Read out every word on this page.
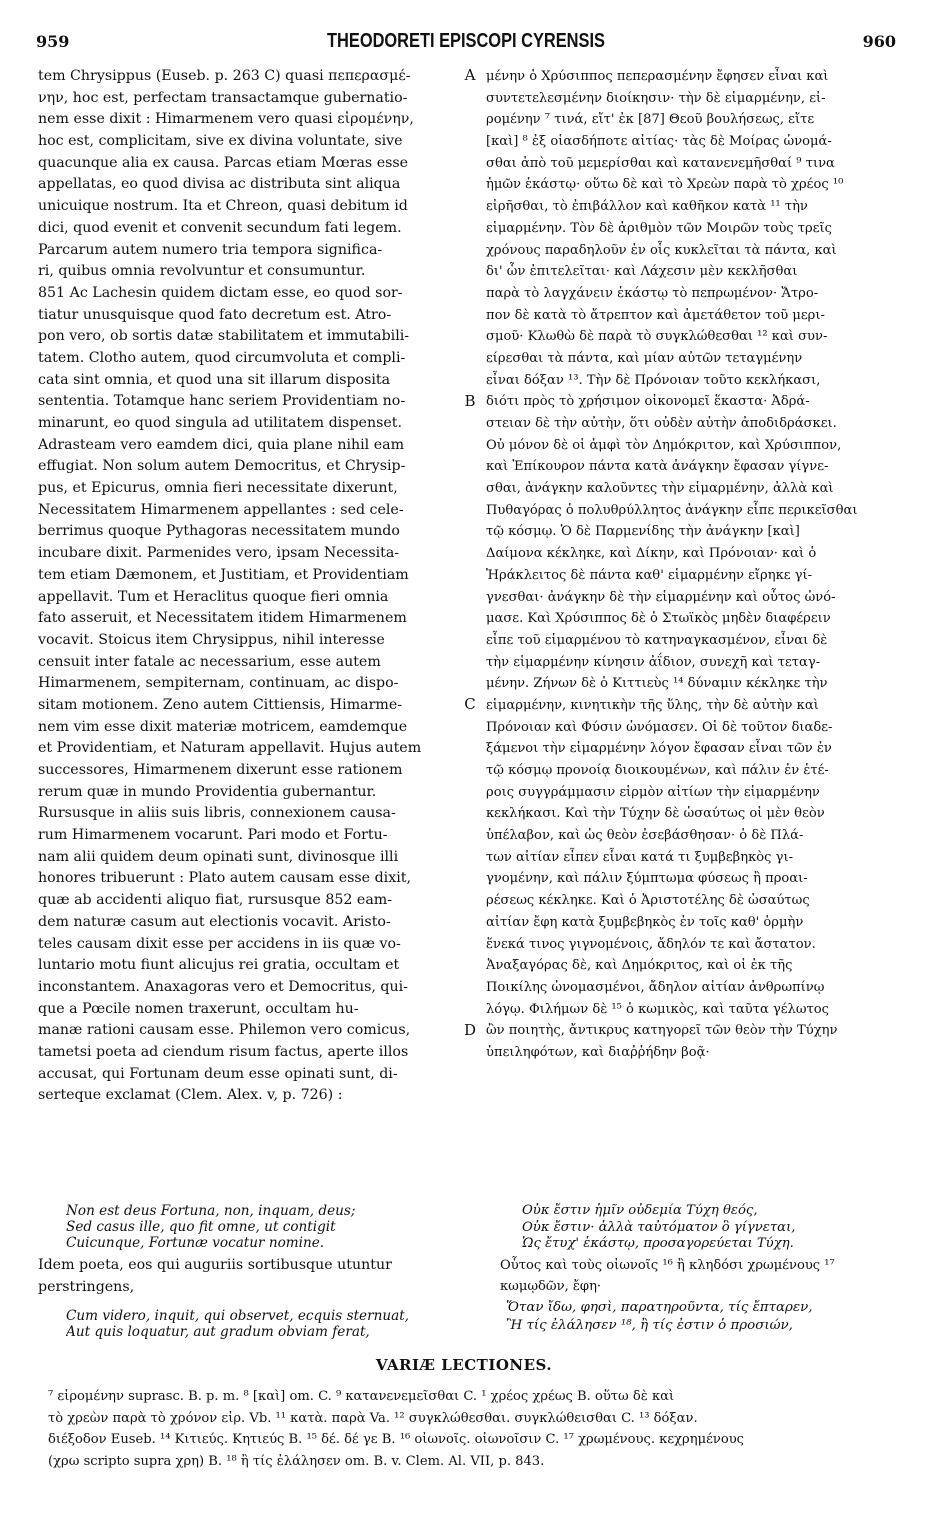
959	THEODORETI EPISCOPI CYRENSIS	960
tem Chrysippus (Euseb. p. 263 C) quasi πεπερασμέ-
νην, hoc est, perfectam transactamque gubernatio-
nem esse dixit : Himarmenem vero quasi εἰρομένην,
hoc est, complicitam, sive ex divina voluntate, sive
quacunque alia ex causa. Parcas etiam Mœras esse
appellatas, eo quod divisa ac distributa sint aliqua
unicuique nostrum. Ita et Chreon, quasi debitum id
dici, quod evenit et convenit secundum fati legem.
Parcarum autem numero tria tempora significa-
ri, quibus omnia revolvuntur et consumuntur.
851 Ac Lachesin quidem dictam esse, eo quod sor-
tiatur unusquisque quod fato decretum est. Atro-
pon vero, ob sortis datæ stabilitatem et immutabili-
tatem. Clotho autem, quod circumvoluta et compli-
cata sint omnia, et quod una sit illarum disposita
sententia. Totamque hanc seriem Providentiam no-
minarunt, eo quod singula ad utilitatem dispenset.
Adrasteam vero eamdem dici, quia plane nihil eam
effugiat. Non solum autem Democritus, et Chrysip-
pus, et Epicurus, omnia fieri necessitate dixerunt,
Necessitatem Himarmenem appellantes : sed cele-
berrimus quoque Pythagoras necessitatem mundo
incubare dixit. Parmenides vero, ipsam Necessita-
tem etiam Dæmonem, et Justitiam, et Providentiam
appellavit. Tum et Heraclitus quoque fieri omnia
fato asseruit, et Necessitatem itidem Himarmenem
vocavit. Stoicus item Chrysippus, nihil interesse
censuit inter fatale ac necessarium, esse autem
Himarmenem, sempiternam, continuam, ac dispo-
sitam motionem. Zeno autem Cittiensis, Himarme-
nem vim esse dixit materiæ motricem, eamdemque
et Providentiam, et Naturam appellavit. Hujus autem
successores, Himarmenem dixerunt esse rationem
rerum quæ in mundo Providentia gubernantur.
Rursusque in aliis suis libris, connexionem causa-
rum Himarmenem vocarunt. Pari modo et Fortu-
nam alii quidem deum opinati sunt, divinosque illi
honores tribuerunt : Plato autem causam esse dixit,
quæ ab accidenti aliquo fiat, rursusque 852 eam-
dem naturæ casum aut electionis vocavit. Aristo-
teles causam dixit esse per accidens in iis quæ vo-
luntario motu fiunt alicujus rei gratia, occultam et
inconstantem. Anaxagoras vero et Democritus, qui-
que a Pœcile nomen traxerunt, occultam hu-
manæ rationi causam esse. Philemon vero comicus,
tametsi poeta ad ciendum risum factus, aperte illos
accusat, qui Fortunam deum esse opinati sunt, di-
serteque exclamat (Clem. Alex. v, p. 726) :
A
B
C
D
μένην ὁ Χρύσιππος πεπερασμένην ἔφησεν εἶναι καὶ
συντετελεσμένην διοίκησιν· τὴν δὲ εἱμαρμένην, εἰ-
ρομένην ⁷ τινά, εἴτ' ἐκ [87] Θεοῦ βουλήσεως, εἴτε
[καὶ] ⁸ ἐξ οἱασδήποτε αἰτίας· τὰς δὲ Μοίρας ὠνομά-
σθαι ἀπὸ τοῦ μεμερίσθαι καὶ κατανενεμῆσθαί ⁹ τινα
ἡμῶν ἑκάστῳ· οὕτω δὲ καὶ τὸ Χρεὼν παρὰ τὸ χρέος ¹⁰
εἰρῆσθαι, τὸ ἐπιβάλλον καὶ καθῆκον κατὰ ¹¹ τὴν
εἱμαρμένην. Τὸν δὲ ἀριθμὸν τῶν Μοιρῶν τοὺς τρεῖς
χρόνους παραδηλοῦν ἐν οἷς κυκλεῖται τὰ πάντα, καὶ
δι' ὧν ἐπιτελεῖται· καὶ Λάχεσιν μὲν κεκλῆσθαι
παρὰ τὸ λαγχάνειν ἑκάστῳ τὸ πεπρωμένον· Ἄτρο-
πον δὲ κατὰ τὸ ἄτρεπτον καὶ ἀμετάθετον τοῦ μερι-
σμοῦ· Κλωθὼ δὲ παρὰ τὸ συγκλώθεσθαι ¹² καὶ συν-
είρεσθαι τὰ πάντα, καὶ μίαν αὐτῶν τεταγμένην
εἶναι δόξαν ¹³. Τὴν δὲ Πρόνοιαν τοῦτο κεκλήκασι,
διότι πρὸς τὸ χρήσιμον οἰκονομεῖ ἕκαστα· Ἀδρά-
στειαν δὲ τὴν αὐτὴν, ὅτι οὐδὲν αὐτὴν ἀποδιδράσκει.
Οὐ μόνον δὲ οἱ ἀμφὶ τὸν Δημόκριτον, καὶ Χρύσιππον,
καὶ Ἐπίκουρον πάντα κατὰ ἀνάγκην ἔφασαν γίγνε-
σθαι, ἀνάγκην καλοῦντες τὴν εἱμαρμένην, ἀλλὰ καὶ
Πυθαγόρας ὁ πολυθρύλλητος ἀνάγκην εἶπε περικεῖσθαι
τῷ κόσμῳ. Ὁ δὲ Παρμενίδης τὴν ἀνάγκην [καὶ]
Δαίμονα κέκληκε, καὶ Δίκην, καὶ Πρόνοιαν· καὶ ὁ
Ἡράκλειτος δὲ πάντα καθ' εἱμαρμένην εἴρηκε γί-
γνεσθαι· ἀνάγκην δὲ τὴν εἱμαρμένην καὶ οὗτος ὠνό-
μασε. Καὶ Χρύσιππος δὲ ὁ Στωϊκὸς μηδὲν διαφέρειν
εἶπε τοῦ εἱμαρμένου τὸ κατηναγκασμένον, εἶναι δὲ
τὴν εἱμαρμένην κίνησιν ἀΐδιον, συνεχῆ καὶ τεταγ-
μένην. Ζήνων δὲ ὁ Κιττιεὺς ¹⁴ δύναμιν κέκληκε τὴν
εἱμαρμένην, κινητικὴν τῆς ὕλης, τὴν δὲ αὐτὴν καὶ
Πρόνοιαν καὶ Φύσιν ὠνόμασεν. Οἱ δὲ τοῦτον διαδε-
ξάμενοι τὴν εἱμαρμένην λόγον ἔφασαν εἶναι τῶν ἐν
τῷ κόσμῳ προνοίᾳ διοικουμένων, καὶ πάλιν ἐν ἑτέ-
ροις συγγράμμασιν εἱρμὸν αἰτίων τὴν εἱμαρμένην
κεκλήκασι. Καὶ τὴν Τύχην δὲ ὡσαύτως οἱ μὲν θεὸν
ὑπέλαβον, καὶ ὡς θεὸν ἐσεβάσθησαν· ὁ δὲ Πλά-
των αἰτίαν εἶπεν εἶναι κατά τι ξυμβεβηκὸς γι-
γνομένην, καὶ πάλιν ξύμπτωμα φύσεως ἢ προαι-
ρέσεως κέκληκε. Καὶ ὁ Ἀριστοτέλης δὲ ὡσαύτως
αἰτίαν ἔφη κατὰ ξυμβεβηκὸς ἐν τοῖς καθ' ὁρμὴν
ἕνεκά τινος γιγνομένοις, ἄδηλόν τε καὶ ἄστατον.
Ἀναξαγόρας δὲ, καὶ Δημόκριτος, καὶ οἱ ἐκ τῆς
Ποικίλης ὠνομασμένοι, ἄδηλον αἰτίαν ἀνθρωπίνῳ
λόγῳ. Φιλήμων δὲ ¹⁵ ὁ κωμικὸς, καὶ ταῦτα γέλωτος
ὢν ποιητὴς, ἄντικρυς κατηγορεῖ τῶν θεὸν τὴν Τύχην
ὑπειληφότων, καὶ διαῤῥήδην βοᾷ·
Non est deus Fortuna, non, inquam, deus;
Sed casus ille, quo fit omne, ut contigit
Cuicunque, Fortunæ vocatur nomine.
Idem poeta, eos qui auguriis sortibusque utuntur
perstringens,
Cum videro, inquit, qui observet, ecquis sternuat,
Aut quis loquatur, aut gradum obviam ferat,
Οὐκ ἔστιν ἡμῖν οὐδεμία Τύχη θεός,
Οὐκ ἔστιν· ἀλλὰ ταὐτόματον ὃ γίγνεται,
Ὡς ἔτυχ' ἑκάστῳ, προσαγορεύεται Τύχη.
Οὗτος καὶ τοὺς οἰωνοῖς ¹⁶ ἢ κληδόσι χρωμένους ¹⁷
κωμῳδῶν, ἔφη·
Ὅταν ἴδω, φησὶ, παρατηροῦντα, τίς ἔπταρεν,
Ἢ τίς ἐλάλησεν ¹⁸, ἢ τίς ἐστιν ὁ προσιών,
VARIÆ LECTIONES.
⁷ εἱρομένην suprasc. B. p. m. ⁸ [καὶ] om. C. ⁹ κατανενεμεῖσθαι C. ¹ χρέος χρέως B. οὕτω δὲ καὶ
τὸ χρεὼν παρὰ τὸ χρόνον εἰρ. Vb. ¹¹ κατὰ. παρὰ Va. ¹² συγκλώθεσθαι. συγκλώθεισθαι C. ¹³ δόξαν.
διέξοδον Euseb. ¹⁴ Κιτιεύς. Κητιεύς B. ¹⁵ δέ. δέ γε B. ¹⁶ οἰωνοῖς. οἰωνοῖσιν C. ¹⁷ χρωμένους. κεχρημένους
(χρω scripto supra χρη) B. ¹⁸ ἢ τίς ἐλάλησεν om. B. v. Clem. Al. VII, p. 843.
